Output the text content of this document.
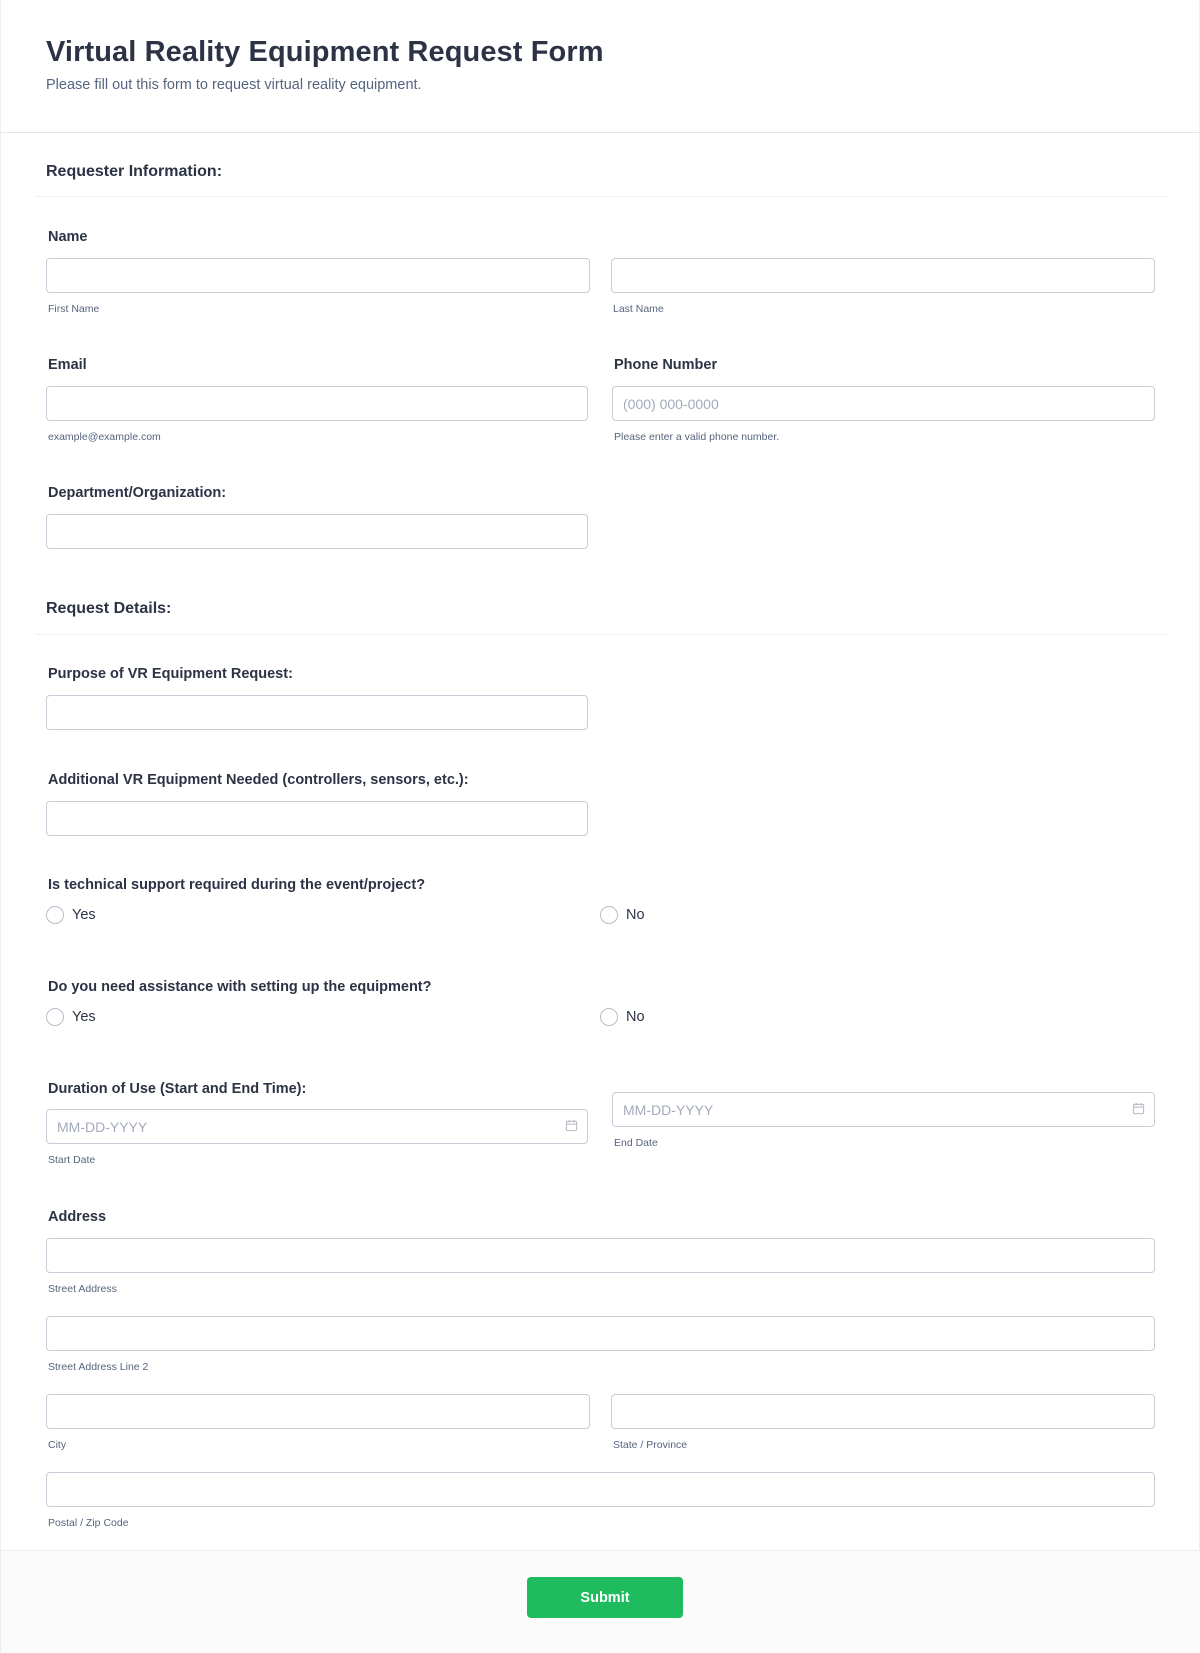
Virtual Reality Equipment Request Form

Please fill out this form to request virtual reality equipment.

Requester Information:
Name
First Name	Last Name
Email
example@example.com
Phone Number
(000) 000-0000
Please enter a valid phone number.
Department/Organization:
Request Details:
Purpose of VR Equipment Request:
Additional VR Equipment Needed (controllers, sensors, etc.):
Is technical support required during the event/project?
Yes	No
Do you need assistance with setting up the equipment?
Yes	No
Duration of Use (Start and End Time):
MM-DD-YYYY
Start Date
MM-DD-YYYY
End Date
Address
Street Address
Street Address Line 2
City	State / Province
Postal / Zip Code
Submit
